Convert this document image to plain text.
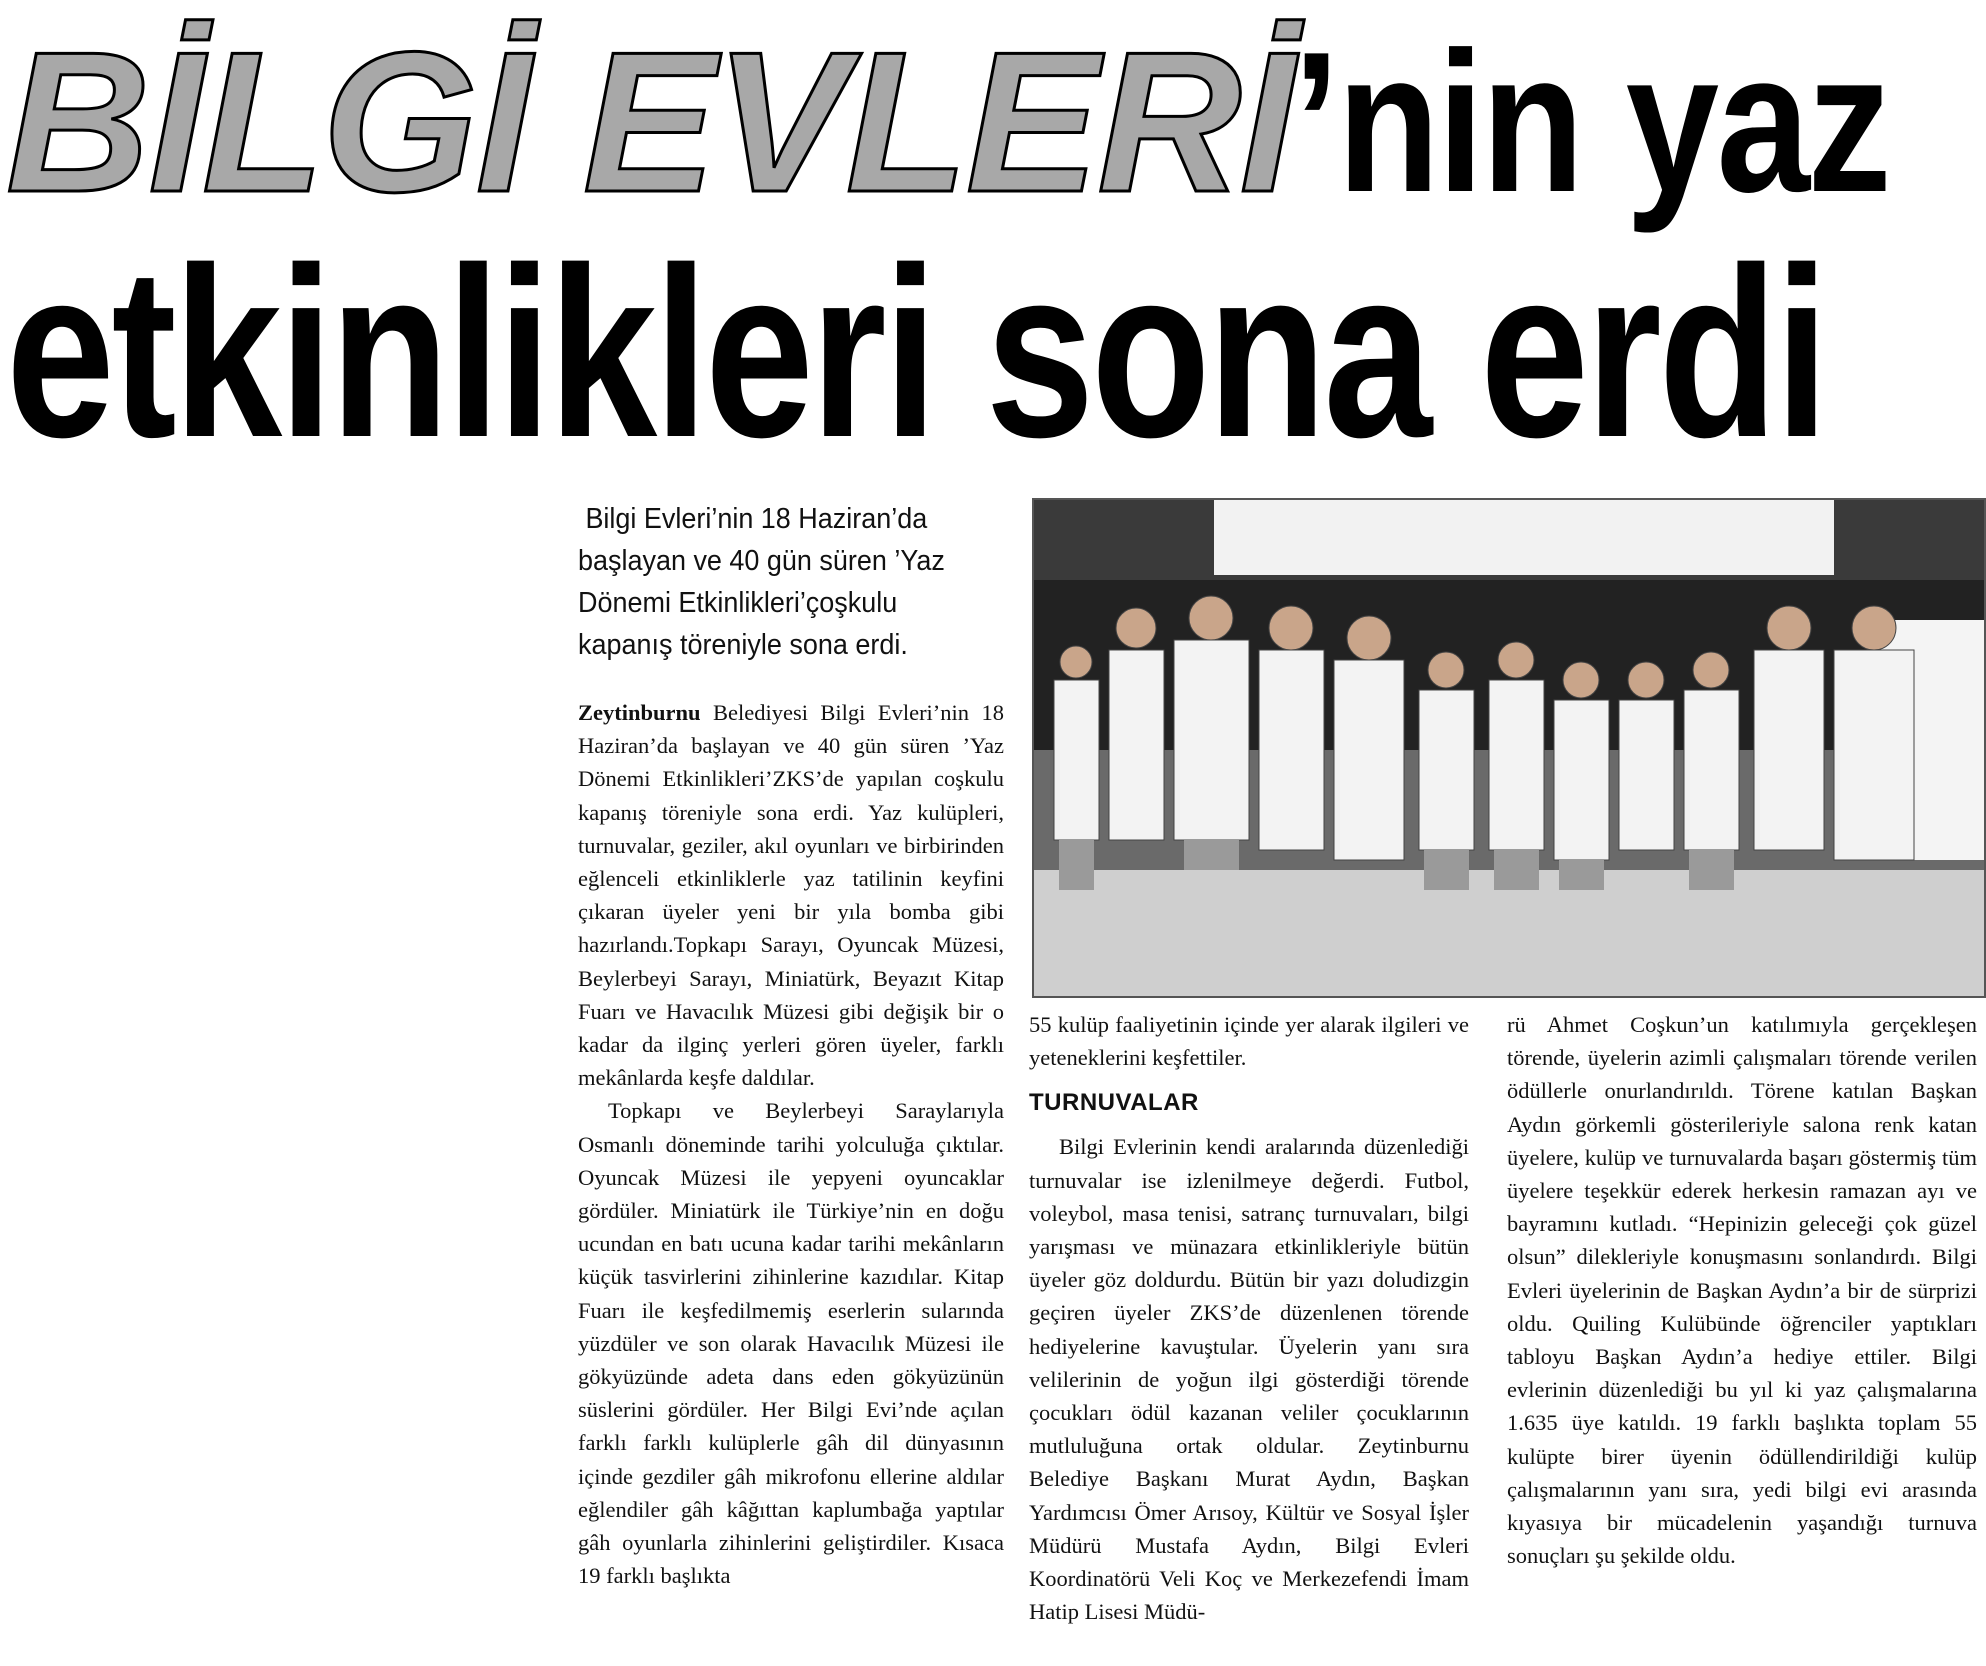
BİLGİ EVLERİ’nin yaz
etkinlikleri sona erdi

Bilgi Evleri’nin 18 Haziran’da başlayan ve 40 gün süren ’Yaz Dönemi Etkinlikleri’çoşkulu kapanış töreniyle sona erdi.

Zeytinburnu Belediyesi Bilgi Evleri’nin 18 Haziran’da başlayan ve 40 gün süren ’Yaz Dönemi Etkinlikleri’ZKS’de yapılan coşkulu kapanış töreniyle sona erdi. Yaz kulüpleri, turnuvalar, geziler, akıl oyunları ve birbirinden eğlenceli etkinliklerle yaz tatilinin keyfini çıkaran üyeler yeni bir yıla bomba gibi hazırlandı.Topkapı Sarayı, Oyuncak Müzesi, Beylerbeyi Sarayı, Miniatürk, Beyazıt Kitap Fuarı ve Havacılık Müzesi gibi değişik bir o kadar da ilginç yerleri gören üyeler, farklı mekânlarda keşfe daldılar.

Topkapı ve Beylerbeyi Saraylarıyla Osmanlı döneminde tarihi yolculuğa çıktılar. Oyuncak Müzesi ile yepyeni oyuncaklar gördüler. Miniatürk ile Türkiye’nin en doğu ucundan en batı ucuna kadar tarihi mekânların küçük tasvirlerini zihinlerine kazıdılar. Kitap Fuarı ile keşfedilmemiş eserlerin sularında yüzdüler ve son olarak Havacılık Müzesi ile gökyüzünde adeta dans eden gökyüzünün süslerini gördüler. Her Bilgi Evi’nde açılan farklı farklı kulüplerle gâh dil dünyasının içinde gezdiler gâh mikrofonu ellerine aldılar eğlendiler gâh kâğıttan kaplumbağa yaptılar gâh oyunlarla zihinlerini geliştirdiler. Kısaca 19 farklı başlıkta

55 kulüp faaliyetinin içinde yer alarak ilgileri ve yeteneklerini keşfettiler.

TURNUVALAR

Bilgi Evlerinin kendi aralarında düzenlediği turnuvalar ise izlenilmeye değerdi. Futbol, voleybol, masa tenisi, satranç turnuvaları, bilgi yarışması ve münazara etkinlikleriyle bütün üyeler göz doldurdu. Bütün bir yazı doludizgin geçiren üyeler ZKS’de düzenlenen törende hediyelerine kavuştular. Üyelerin yanı sıra velilerinin de yoğun ilgi gösterdiği törende çocukları ödül kazanan veliler çocuklarının mutluluğuna ortak oldular. Zeytinburnu Belediye Başkanı Murat Aydın, Başkan Yardımcısı Ömer Arısoy, Kültür ve Sosyal İşler Müdürü Mustafa Aydın, Bilgi Evleri Koordinatörü Veli Koç ve Merkezefendi İmam Hatip Lisesi Müdü-

rü Ahmet Coşkun’un katılımıyla gerçekleşen törende, üyelerin azimli çalışmaları törende verilen ödüllerle onurlandırıldı. Törene katılan Başkan Aydın görkemli gösterileriyle salona renk katan üyelere, kulüp ve turnuvalarda başarı göstermiş tüm üyelere teşekkür ederek herkesin ramazan ayı ve bayramını kutladı. “Hepinizin geleceği çok güzel olsun” dilekleriyle konuşmasını sonlandırdı. Bilgi Evleri üyelerinin de Başkan Aydın’a bir de sürprizi oldu. Quiling Kulübünde öğrenciler yaptıkları tabloyu Başkan Aydın’a hediye ettiler. Bilgi evlerinin düzenlediği bu yıl ki yaz çalışmalarına 1.635 üye katıldı. 19 farklı başlıkta toplam 55 kulüpte birer üyenin ödüllendirildiği kulüp çalışmalarının yanı sıra, yedi bilgi evi arasında kıyasıya bir mücadelenin yaşandığı turnuva sonuçları şu şekilde oldu.
